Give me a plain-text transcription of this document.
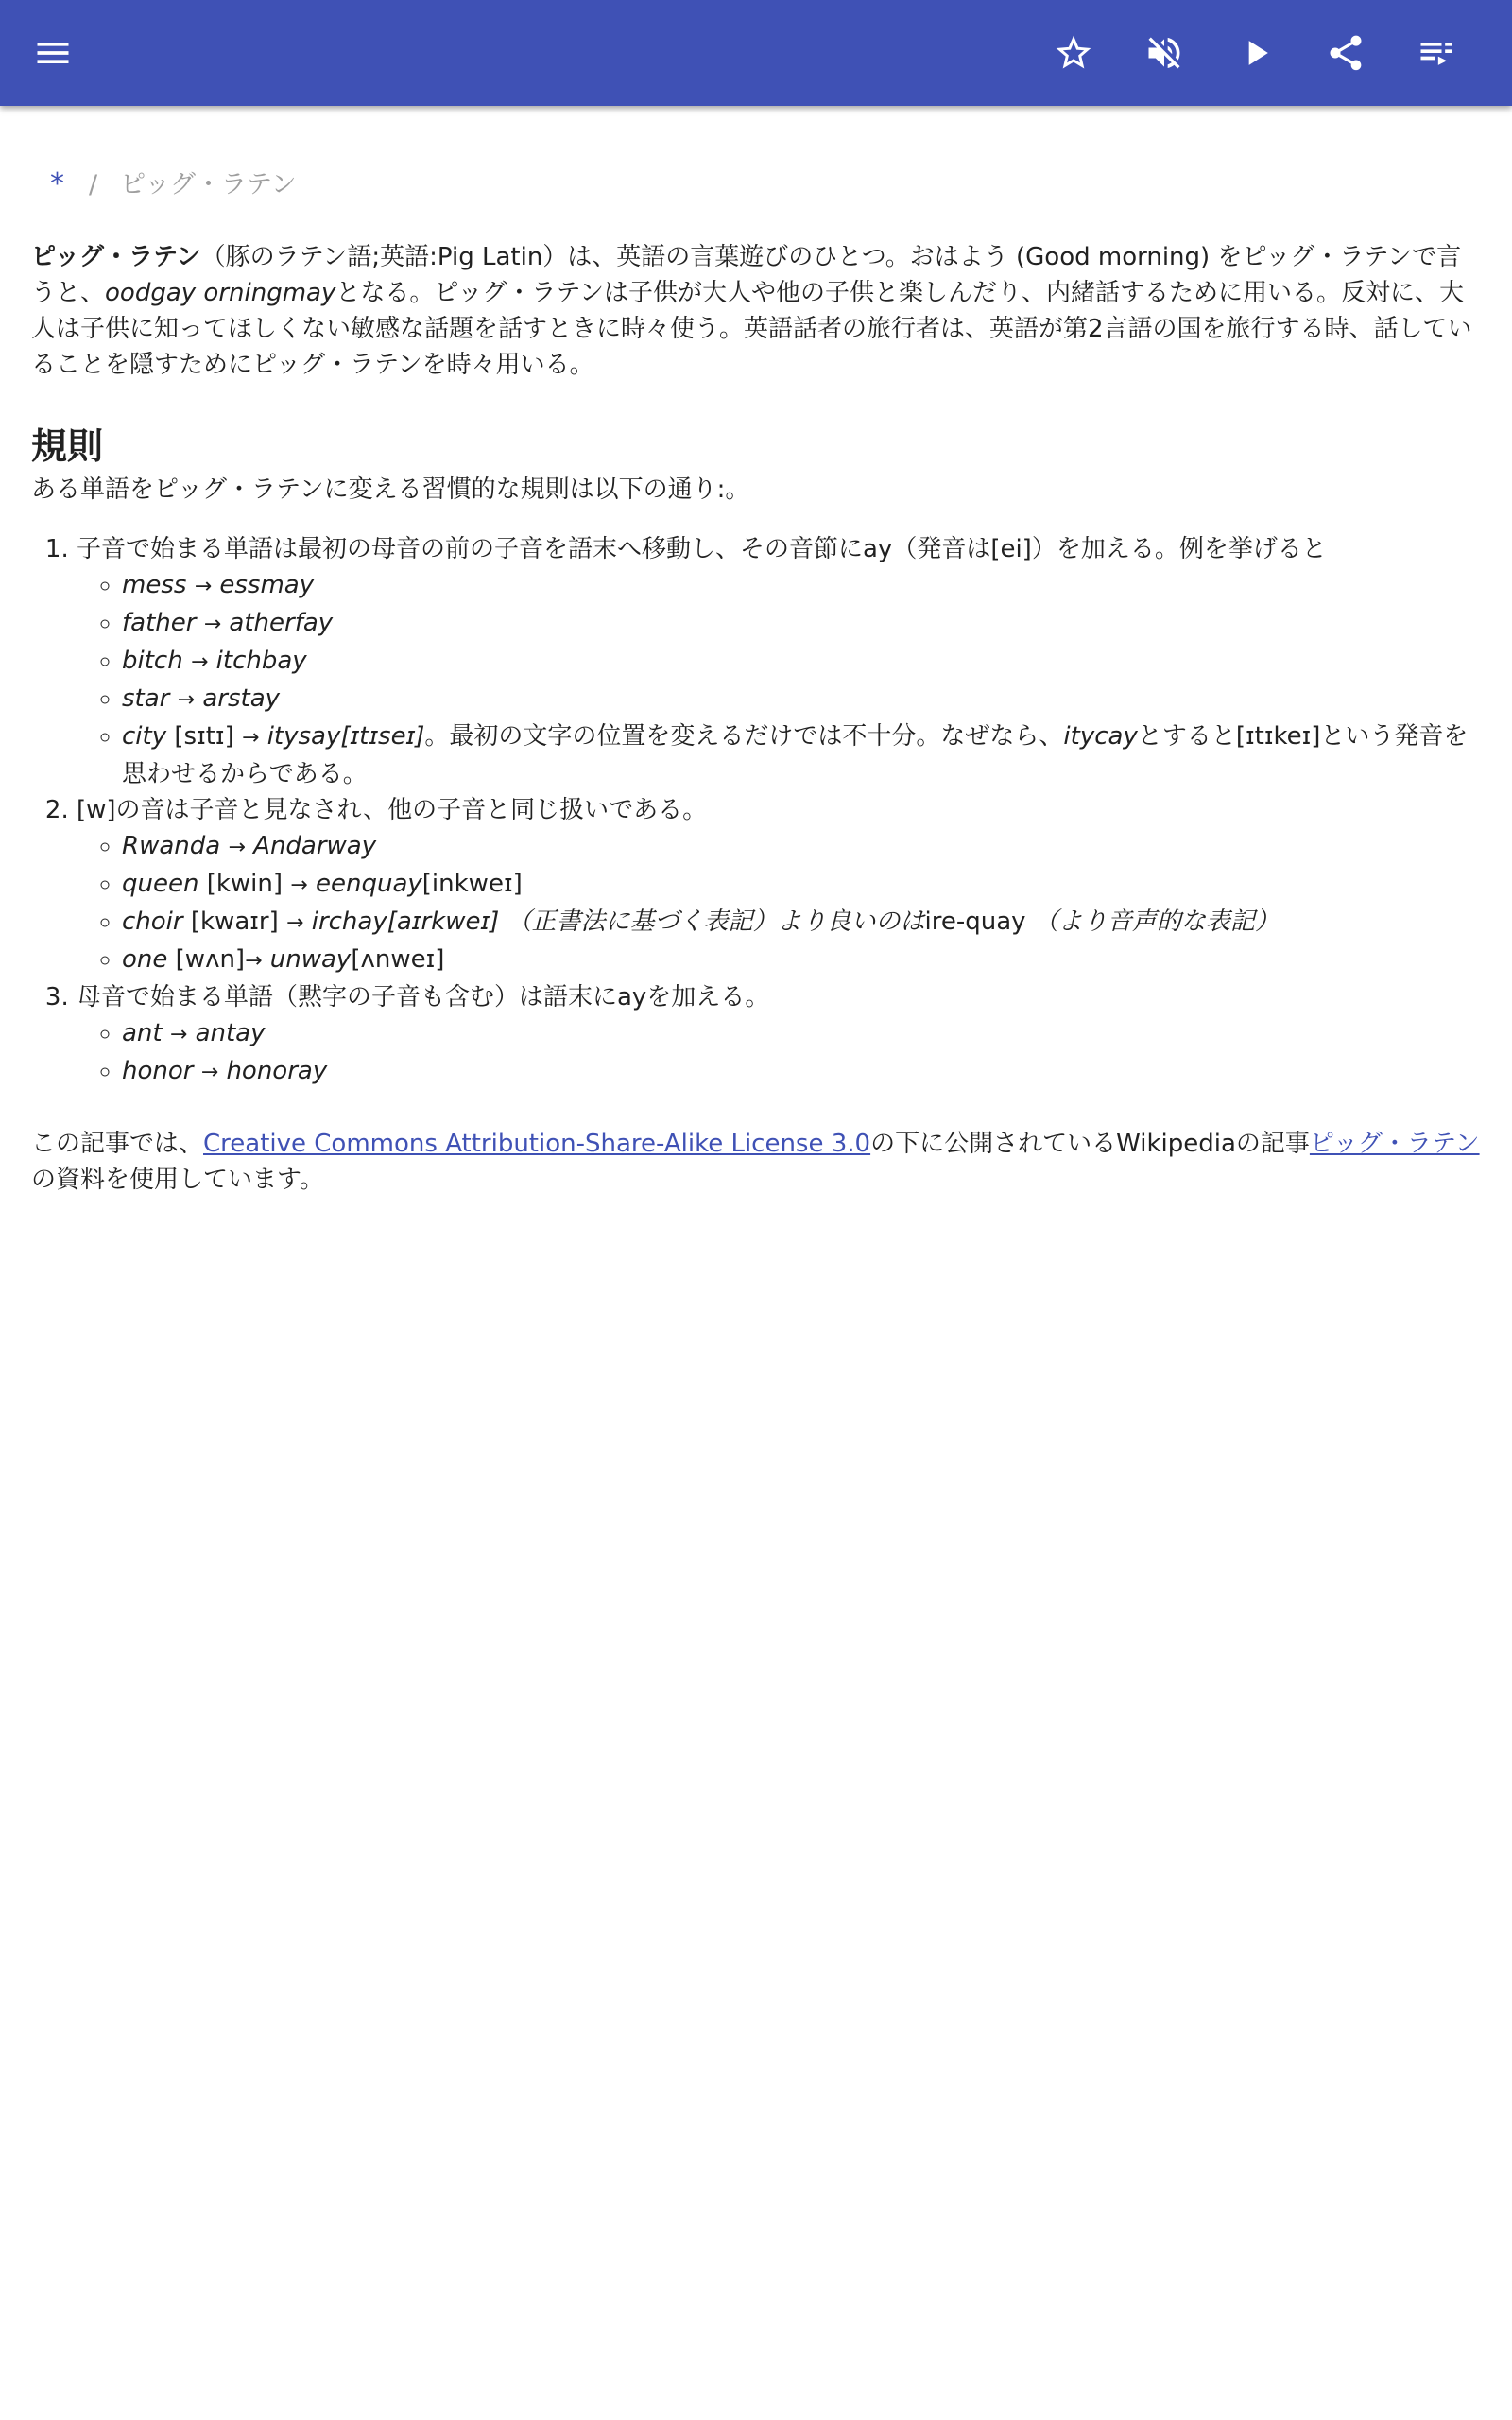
* / ピッグ・ラテン

ピッグ・ラテン（豚のラテン語;英語:Pig Latin）は、英語の言葉遊びのひとつ。おはよう (Good morning) をピッグ・ラテンで言うと、oodgay orningmayとなる。ピッグ・ラテンは子供が大人や他の子供と楽しんだり、内緒話するために用いる。反対に、大人は子供に知ってほしくない敏感な話題を話すときに時々使う。英語話者の旅行者は、英語が第2言語の国を旅行する時、話していることを隠すためにピッグ・ラテンを時々用いる。

規則

ある単語をピッグ・ラテンに変える習慣的な規則は以下の通り:。

1. 子音で始まる単語は最初の母音の前の子音を語末へ移動し、その音節にay（発音は[ei]）を加える。例を挙げると
◦ mess → essmay
◦ father → atherfay
◦ bitch → itchbay
◦ star → arstay
◦ city [sɪtɪ] → itysay[ɪtɪseɪ]。最初の文字の位置を変えるだけでは不十分。なぜなら、itycayとすると[ɪtɪkeɪ]という発音を思わせるからである。
2. [w]の音は子音と見なされ、他の子音と同じ扱いである。
◦ Rwanda → Andarway
◦ queen [kwin] → eenquay[inkweɪ]
◦ choir [kwaɪr] → irchay[aɪrkweɪ] （正書法に基づく表記）より良いのはire-quay （より音声的な表記）
◦ one [wʌn]→ unway[ʌnweɪ]
3. 母音で始まる単語（黙字の子音も含む）は語末にayを加える。
◦ ant → antay
◦ honor → honoray

この記事では、Creative Commons Attribution-Share-Alike License 3.0の下に公開されているWikipediaの記事ピッグ・ラテンの資料を使用しています。
